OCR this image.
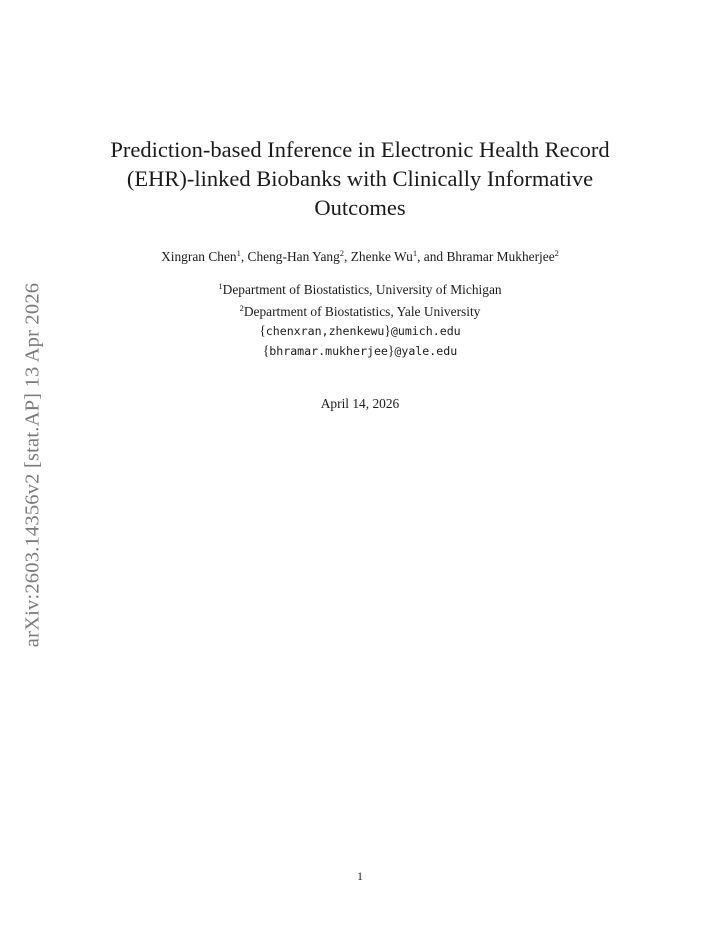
arXiv:2603.14356v2 [stat.AP] 13 Apr 2026
Prediction-based Inference in Electronic Health Record
(EHR)-linked Biobanks with Clinically Informative
Outcomes
Xingran Chen$^1$, Cheng-Han Yang$^2$, Zhenke Wu$^1$, and Bhramar Mukherjee$^2$
$^1$Department of Biostatistics, University of Michigan
$^2$Department of Biostatistics, Yale University
{chenxran,zhenkewu}@umich.edu
{bhramar.mukherjee}@yale.edu
April 14, 2026
1
